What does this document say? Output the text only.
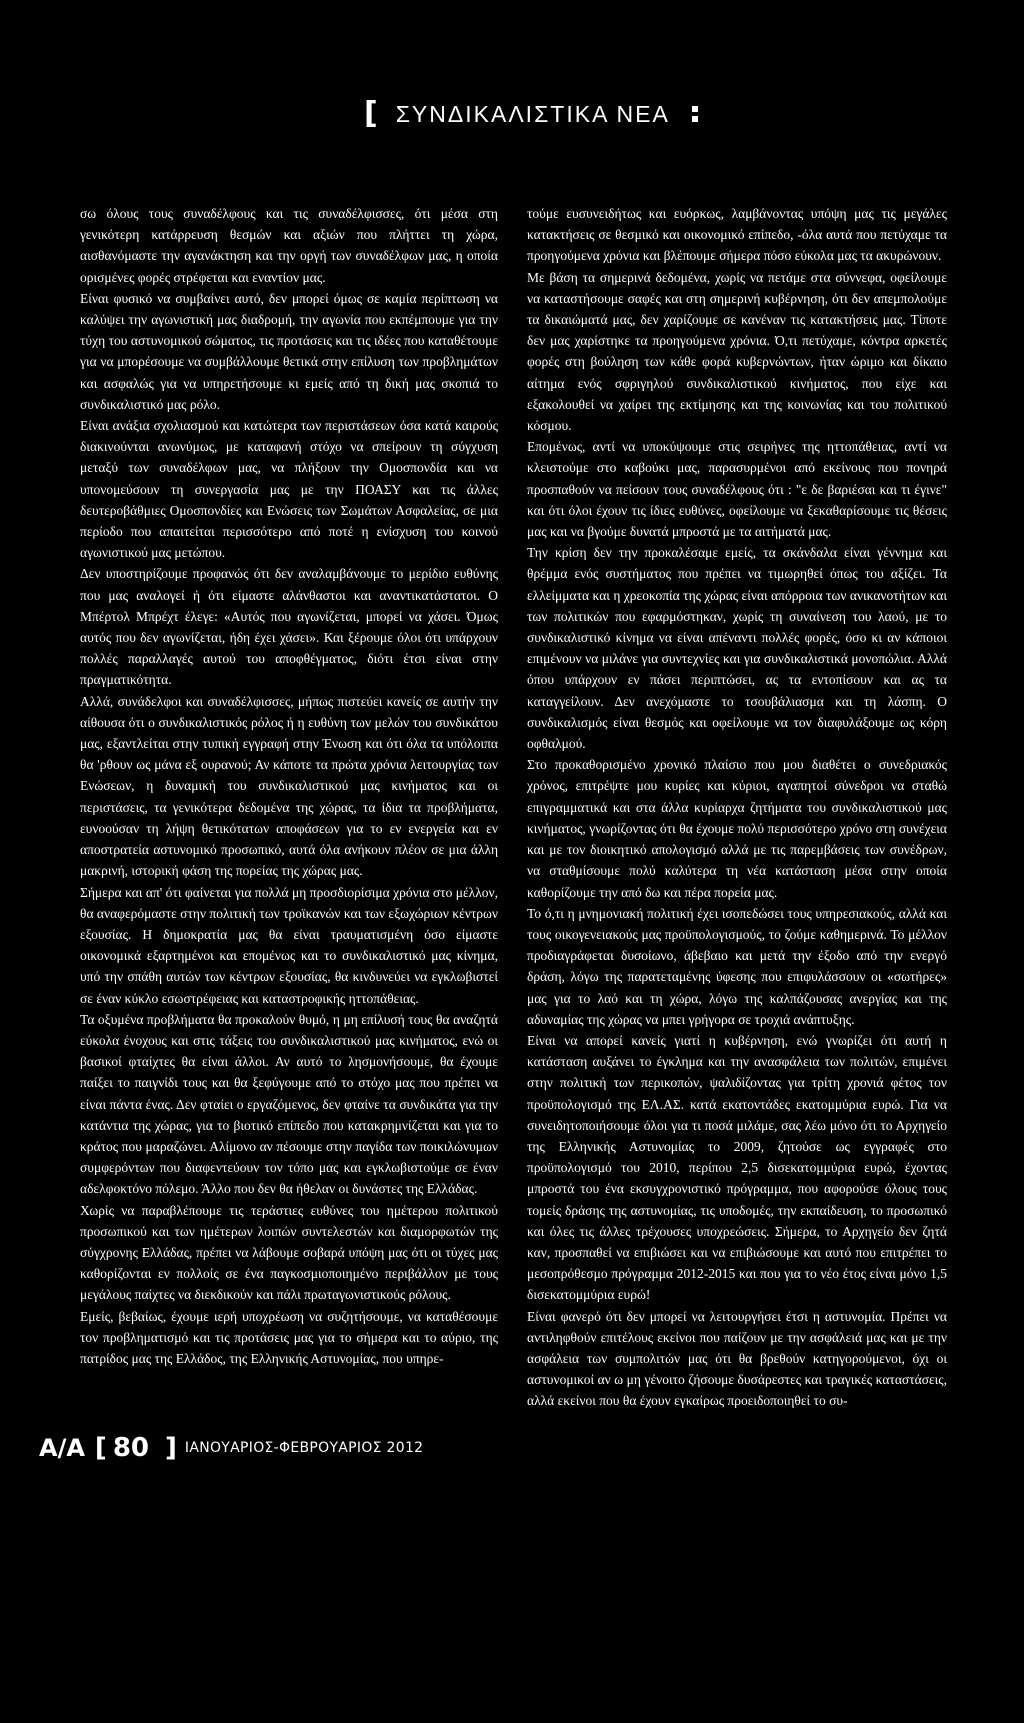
[ ΣΥΝΔΙΚΑΛΙΣΤΙΚΑ ΝΕΑ

σω όλους τους συναδέλφους και τις συναδέλφισσες, ότι μέσα στη γενικότερη κατάρρευση θεσμών και αξιών που πλήττει τη χώρα, αισθανόμαστε την αγανάκτηση και την οργή των συναδέλφων μας, η οποία ορισμένες φορές στρέφεται και εναντίον μας.

Είναι φυσικό να συμβαίνει αυτό, δεν μπορεί όμως σε καμία περίπτωση να καλύψει την αγωνιστική μας διαδρομή, την αγωνία που εκπέμπουμε για την τύχη του αστυνομικού σώματος, τις προτάσεις και τις ιδέες που καταθέτουμε για να μπορέσουμε να συμβάλλουμε θετικά στην επίλυση των προβλημάτων και ασφαλώς για να υπηρετήσουμε κι εμείς από τη δική μας σκοπιά το συνδικαλιστικό μας ρόλο.

Είναι ανάξια σχολιασμού και κατώτερα των περιστάσεων όσα κατά καιρούς διακινούνται ανωνύμως, με καταφανή στόχο να σπείρουν τη σύγχυση μεταξύ των συναδέλφων μας, να πλήξουν την Ομοσπονδία και να υπονομεύσουν τη συνεργασία μας με την ΠΟΑΣΥ και τις άλλες δευτεροβάθμιες Ομοσπονδίες και Ενώσεις των Σωμάτων Ασφαλείας, σε μια περίοδο που απαιτείται περισσότερο από ποτέ η ενίσχυση του κοινού αγωνιστικού μας μετώπου.

Δεν υποστηρίζουμε προφανώς ότι δεν αναλαμβάνουμε το μερίδιο ευθύνης που μας αναλογεί ή ότι είμαστε αλάνθαστοι και αναντικατάστατοι. Ο Μπέρτολ Μπρέχτ έλεγε: «Αυτός που αγωνίζεται, μπορεί να χάσει. Όμως αυτός που δεν αγωνίζεται, ήδη έχει χάσει». Και ξέρουμε όλοι ότι υπάρχουν πολλές παραλλαγές αυτού του αποφθέγματος, διότι έτσι είναι στην πραγματικότητα.

Αλλά, συνάδελφοι και συναδέλφισσες, μήπως πιστεύει κανείς σε αυτήν την αίθουσα ότι ο συνδικαλιστικός ρόλος ή η ευθύνη των μελών του συνδικάτου μας, εξαντλείται στην τυπική εγγραφή στην Ένωση και ότι όλα τα υπόλοιπα θα 'ρθουν ως μάνα εξ ουρανού; Αν κάποτε τα πρώτα χρόνια λειτουργίας των Ενώσεων, η δυναμική του συνδικαλιστικού μας κινήματος και οι περιστάσεις, τα γενικότερα δεδομένα της χώρας, τα ίδια τα προβλήματα, ευνοούσαν τη λήψη θετικότατων αποφάσεων για το εν ενεργεία και εν αποστρατεία αστυνομικό προσωπικό, αυτά όλα ανήκουν πλέον σε μια άλλη μακρινή, ιστορική φάση της πορείας της χώρας μας.

Σήμερα και απ' ότι φαίνεται για πολλά μη προσδιορίσιμα χρόνια στο μέλλον, θα αναφερόμαστε στην πολιτική των τροϊκανών και των εξωχώριων κέντρων εξουσίας. Η δημοκρατία μας θα είναι τραυματισμένη όσο είμαστε οικονομικά εξαρτημένοι και επομένως και το συνδικαλιστικό μας κίνημα, υπό την σπάθη αυτών των κέντρων εξουσίας, θα κινδυνεύει να εγκλωβιστεί σε έναν κύκλο εσωστρέφειας και καταστροφικής ηττοπάθειας.

Τα οξυμένα προβλήματα θα προκαλούν θυμό, η μη επίλυσή τους θα αναζητά εύκολα ένοχους και στις τάξεις του συνδικαλιστικού μας κινήματος, ενώ οι βασικοί φταίχτες θα είναι άλλοι. Αν αυτό το λησμονήσουμε, θα έχουμε παίξει το παιγνίδι τους και θα ξεφύγουμε από το στόχο μας που πρέπει να είναι πάντα ένας. Δεν φταίει ο εργαζόμενος, δεν φταίνε τα συνδικάτα για την κατάντια της χώρας, για το βιοτικό επίπεδο που κατακρημνίζεται και για το κράτος που μαραζώνει. Αλίμονο αν πέσουμε στην παγίδα των ποικιλώνυμων συμφερόντων που διαφεντεύουν τον τόπο μας και εγκλωβιστούμε σε έναν αδελφοκτόνο πόλεμο. Άλλο που δεν θα ήθελαν οι δυνάστες της Ελλάδας.

Χωρίς να παραβλέπουμε τις τεράστιες ευθύνες του ημέτερου πολιτικού προσωπικού και των ημέτερων λοιπών συντελεστών και διαμορφωτών της σύγχρονης Ελλάδας, πρέπει να λάβουμε σοβαρά υπόψη μας ότι οι τύχες μας καθορίζονται εν πολλοίς σε ένα παγκοσμιοποιημένο περιβάλλον με τους μεγάλους παίχτες να διεκδικούν και πάλι πρωταγωνιστικούς ρόλους.

Εμείς, βεβαίως, έχουμε ιερή υποχρέωση να συζητήσουμε, να καταθέσουμε τον προβληματισμό και τις προτάσεις μας για το σήμερα και το αύριο, της πατρίδος μας της Ελλάδος, της Ελληνικής Αστυνομίας, που υπηρε-

τούμε ευσυνειδήτως και ευόρκως, λαμβάνοντας υπόψη μας τις μεγάλες κατακτήσεις σε θεσμικό και οικονομικό επίπεδο, -όλα αυτά που πετύχαμε τα προηγούμενα χρόνια και βλέπουμε σήμερα πόσο εύκολα μας τα ακυρώνουν.

Με βάση τα σημερινά δεδομένα, χωρίς να πετάμε στα σύννεφα, οφείλουμε να καταστήσουμε σαφές και στη σημερινή κυβέρνηση, ότι δεν απεμπολούμε τα δικαιώματά μας, δεν χαρίζουμε σε κανέναν τις κατακτήσεις μας. Τίποτε δεν μας χαρίστηκε τα προηγούμενα χρόνια. Ό,τι πετύχαμε, κόντρα αρκετές φορές στη βούληση των κάθε φορά κυβερνώντων, ήταν ώριμο και δίκαιο αίτημα ενός σφριγηλού συνδικαλιστικού κινήματος, που είχε και εξακολουθεί να χαίρει της εκτίμησης και της κοινωνίας και του πολιτικού κόσμου.

Επομένως, αντί να υποκύψουμε στις σειρήνες της ηττοπάθειας, αντί να κλειστούμε στο καβούκι μας, παρασυρμένοι από εκείνους που πονηρά προσπαθούν να πείσουν τους συναδέλφους ότι : "ε δε βαριέσαι και τι έγινε" και ότι όλοι έχουν τις ίδιες ευθύνες, οφείλουμε να ξεκαθαρίσουμε τις θέσεις μας και να βγούμε δυνατά μπροστά με τα αιτήματά μας.

Την κρίση δεν την προκαλέσαμε εμείς, τα σκάνδαλα είναι γέννημα και θρέμμα ενός συστήματος που πρέπει να τιμωρηθεί όπως του αξίζει. Τα ελλείμματα και η χρεοκοπία της χώρας είναι απόρροια των ανικανοτήτων και των πολιτικών που εφαρμόστηκαν, χωρίς τη συναίνεση του λαού, με το συνδικαλιστικό κίνημα να είναι απέναντι πολλές φορές, όσο κι αν κάποιοι επιμένουν να μιλάνε για συντεχνίες και για συνδικαλιστικά μονοπώλια. Αλλά όπου υπάρχουν εν πάσει περιπτώσει, ας τα εντοπίσουν και ας τα καταγγείλουν. Δεν ανεχόμαστε το τσουβάλιασμα και τη λάσπη. Ο συνδικαλισμός είναι θεσμός και οφείλουμε να τον διαφυλάξουμε ως κόρη οφθαλμού.

Στο προκαθορισμένο χρονικό πλαίσιο που μου διαθέτει ο συνεδριακός χρόνος, επιτρέψτε μου κυρίες και κύριοι, αγαπητοί σύνεδροι να σταθώ επιγραμματικά και στα άλλα κυρίαρχα ζητήματα του συνδικαλιστικού μας κινήματος, γνωρίζοντας ότι θα έχουμε πολύ περισσότερο χρόνο στη συνέχεια και με τον διοικητικό απολογισμό αλλά με τις παρεμβάσεις των συνέδρων, να σταθμίσουμε πολύ καλύτερα τη νέα κατάσταση μέσα στην οποία καθορίζουμε την από δω και πέρα πορεία μας.

Το ό,τι η μνημονιακή πολιτική έχει ισοπεδώσει τους υπηρεσιακούς, αλλά και τους οικογενειακούς μας προϋπολογισμούς, το ζούμε καθημερινά. Το μέλλον προδιαγράφεται δυσοίωνο, άβεβαιο και μετά την έξοδο από την ενεργό δράση, λόγω της παρατεταμένης ύφεσης που επιφυλάσσουν οι «σωτήρες» μας για το λαό και τη χώρα, λόγω της καλπάζουσας ανεργίας και της αδυναμίας της χώρας να μπει γρήγορα σε τροχιά ανάπτυξης.

Είναι να απορεί κανείς γιατί η κυβέρνηση, ενώ γνωρίζει ότι αυτή η κατάσταση αυξάνει το έγκλημα και την ανασφάλεια των πολιτών, επιμένει στην πολιτική των περικοπών, ψαλιδίζοντας για τρίτη χρονιά φέτος τον προϋπολογισμό της ΕΛ.ΑΣ. κατά εκατοντάδες εκατομμύρια ευρώ. Για να συνειδητοποιήσουμε όλοι για τι ποσά μιλάμε, σας λέω μόνο ότι το Αρχηγείο της Ελληνικής Αστυνομίας το 2009, ζητούσε ως εγγραφές στο προϋπολογισμό του 2010, περίπου 2,5 δισεκατομμύρια ευρώ, έχοντας μπροστά του ένα εκσυγχρονιστικό πρόγραμμα, που αφορούσε όλους τους τομείς δράσης της αστυνομίας, τις υποδομές, την εκπαίδευση, το προσωπικό και όλες τις άλλες τρέχουσες υποχρεώσεις. Σήμερα, το Αρχηγείο δεν ζητά καν, προσπαθεί να επιβιώσει και να επιβιώσουμε και αυτό που επιτρέπει το μεσοπρόθεσμο πρόγραμμα 2012-2015 και που για το νέο έτος είναι μόνο 1,5 δισεκατομμύρια ευρώ!

Είναι φανερό ότι δεν μπορεί να λειτουργήσει έτσι η αστυνομία. Πρέπει να αντιληφθούν επιτέλους εκείνοι που παίζουν με την ασφάλειά μας και με την ασφάλεια των συμπολιτών μας ότι θα βρεθούν κατηγορούμενοι, όχι οι αστυνομικοί αν ω μη γένοιτο ζήσουμε δυσάρεστες και τραγικές καταστάσεις, αλλά εκείνοι που θα έχουν εγκαίρως προειδοποιηθεί το συ-

Α/Α [ 80 ] ΙΑΝΟΥΑΡΙΟΣ-ΦΕΒΡΟΥΑΡΙΟΣ 2012
